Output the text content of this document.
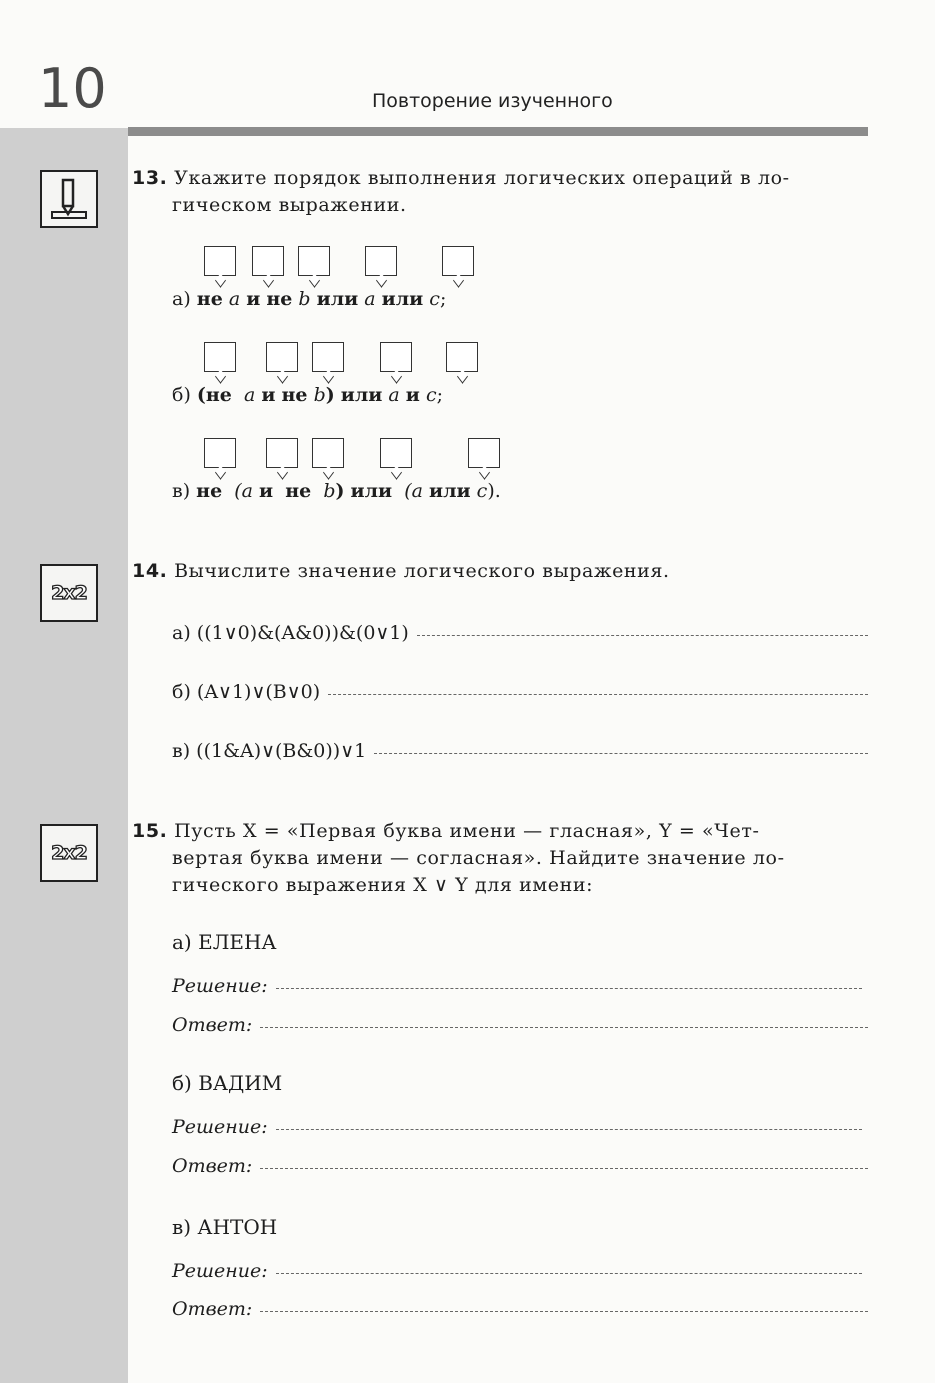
10	Повторение изученного
13. Укажите порядок выполнения логических операций в ло-
гическом выражении.
а) не a и не b или a или c;
б) (не a и не b) или a и c;
в) не (a и не b) или (a или c).
2x2
14. Вычислите значение логического выражения.
а)
((1∨0)&(A&0))&(0∨1)
б)
(A∨1)∨(B∨0)
в)
((1&A)∨(B&0))∨1
2x2
15. Пусть X = «Первая буква имени — гласная», Y = «Чет-
вертая буква имени — согласная». Найдите значение ло-
гического выражения X ∨ Y для имени:
а) ЕЛЕНА
Решение:
Ответ:
б) ВАДИМ
Решение:
Ответ:
в) АНТОН
Решение:
Ответ:
